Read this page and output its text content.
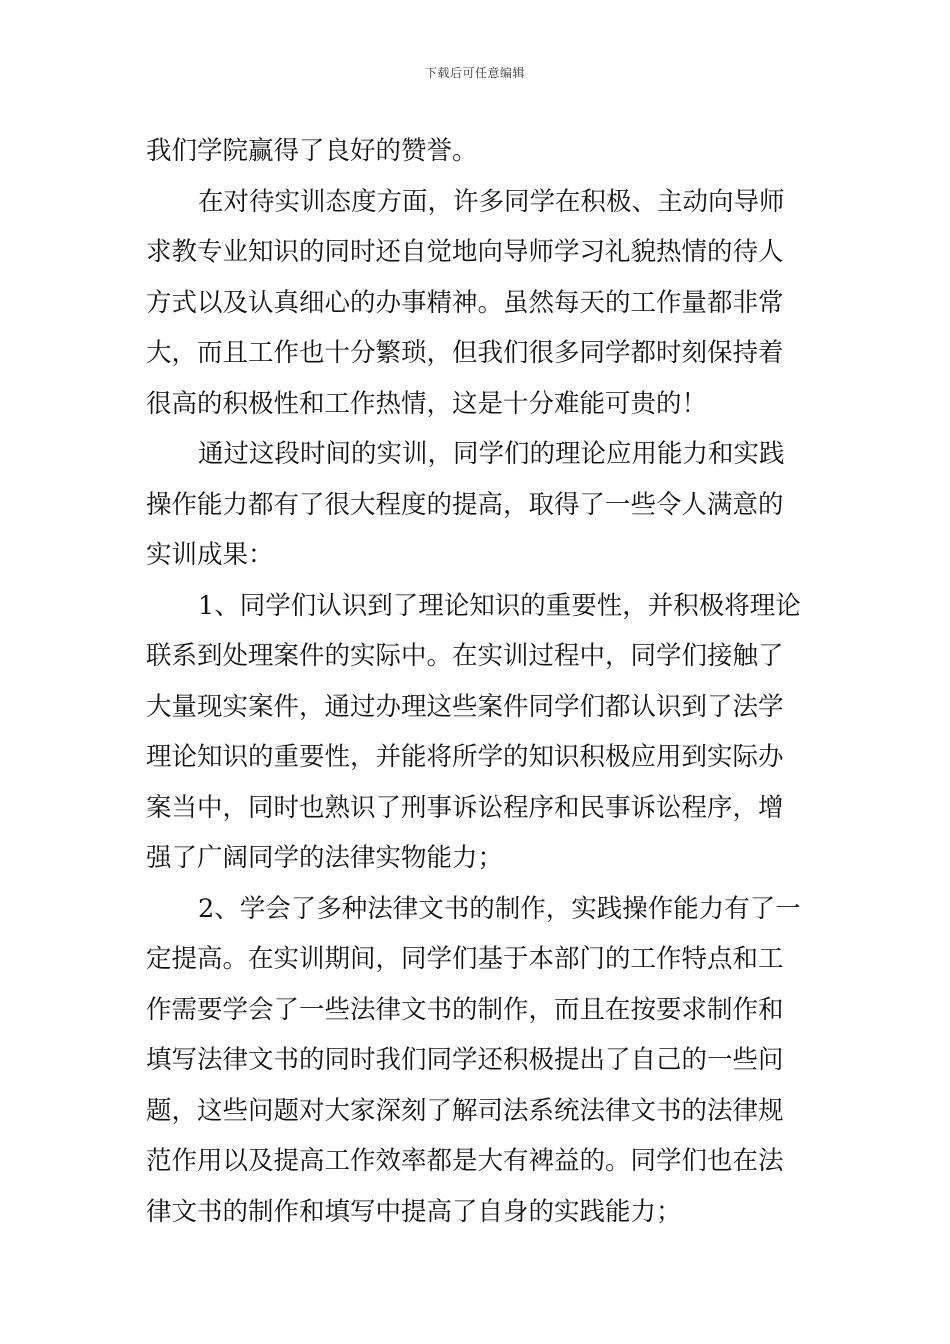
下载后可任意编辑
我们学院赢得了良好的赞誉。
在对待实训态度方面，许多同学在积极、主动向导师
求教专业知识的同时还自觉地向导师学习礼貌热情的待人
方式以及认真细心的办事精神。虽然每天的工作量都非常
大，而且工作也十分繁琐，但我们很多同学都时刻保持着
很高的积极性和工作热情，这是十分难能可贵的！
通过这段时间的实训，同学们的理论应用能力和实践
操作能力都有了很大程度的提高，取得了一些令人满意的
实训成果：
1、同学们认识到了理论知识的重要性，并积极将理论
联系到处理案件的实际中。在实训过程中，同学们接触了
大量现实案件，通过办理这些案件同学们都认识到了法学
理论知识的重要性，并能将所学的知识积极应用到实际办
案当中，同时也熟识了刑事诉讼程序和民事诉讼程序，增
强了广阔同学的法律实物能力；
2、学会了多种法律文书的制作，实践操作能力有了一
定提高。在实训期间，同学们基于本部门的工作特点和工
作需要学会了一些法律文书的制作，而且在按要求制作和
填写法律文书的同时我们同学还积极提出了自己的一些问
题，这些问题对大家深刻了解司法系统法律文书的法律规
范作用以及提高工作效率都是大有裨益的。同学们也在法
律文书的制作和填写中提高了自身的实践能力；
